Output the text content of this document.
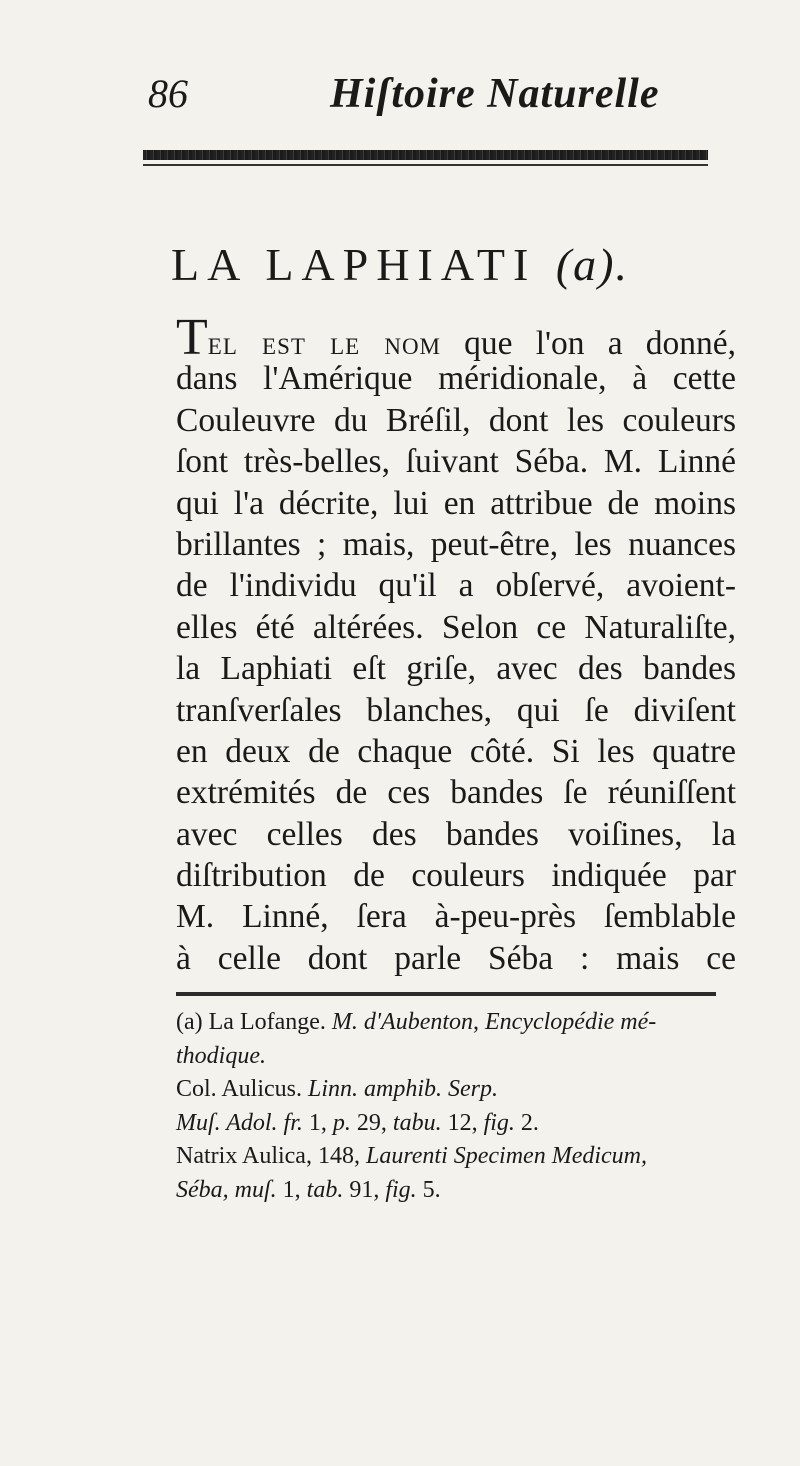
86	Hiſtoire Naturelle
LA LAPHIATI (a).
Tel est le nom que l'on a donné,
dans l'Amérique méridionale, à cette
Couleuvre du Bréſil, dont les couleurs
ſont très-belles, ſuivant Séba. M. Linné
qui l'a décrite, lui en attribue de moins
brillantes ; mais, peut-être, les nuances
de l'individu qu'il a obſervé, avoient-
elles été altérées. Selon ce Naturaliſte,
la Laphiati eſt griſe, avec des bandes
tranſverſales blanches, qui ſe diviſent
en deux de chaque côté. Si les quatre
extrémités de ces bandes ſe réuniſſent
avec celles des bandes voiſines, la
diſtribution de couleurs indiquée par
M. Linné, ſera à-peu-près ſemblable
à celle dont parle Séba : mais ce
(a) La Lofange. M. d'Aubenton, Encyclopédie mé-
thodique.
Col. Aulicus. Linn. amphib. Serp.
Muſ. Adol. fr. 1, p. 29, tabu. 12, fig. 2.
Natrix Aulica, 148, Laurenti Specimen Medicum,
Séba, muſ. 1, tab. 91, fig. 5.
